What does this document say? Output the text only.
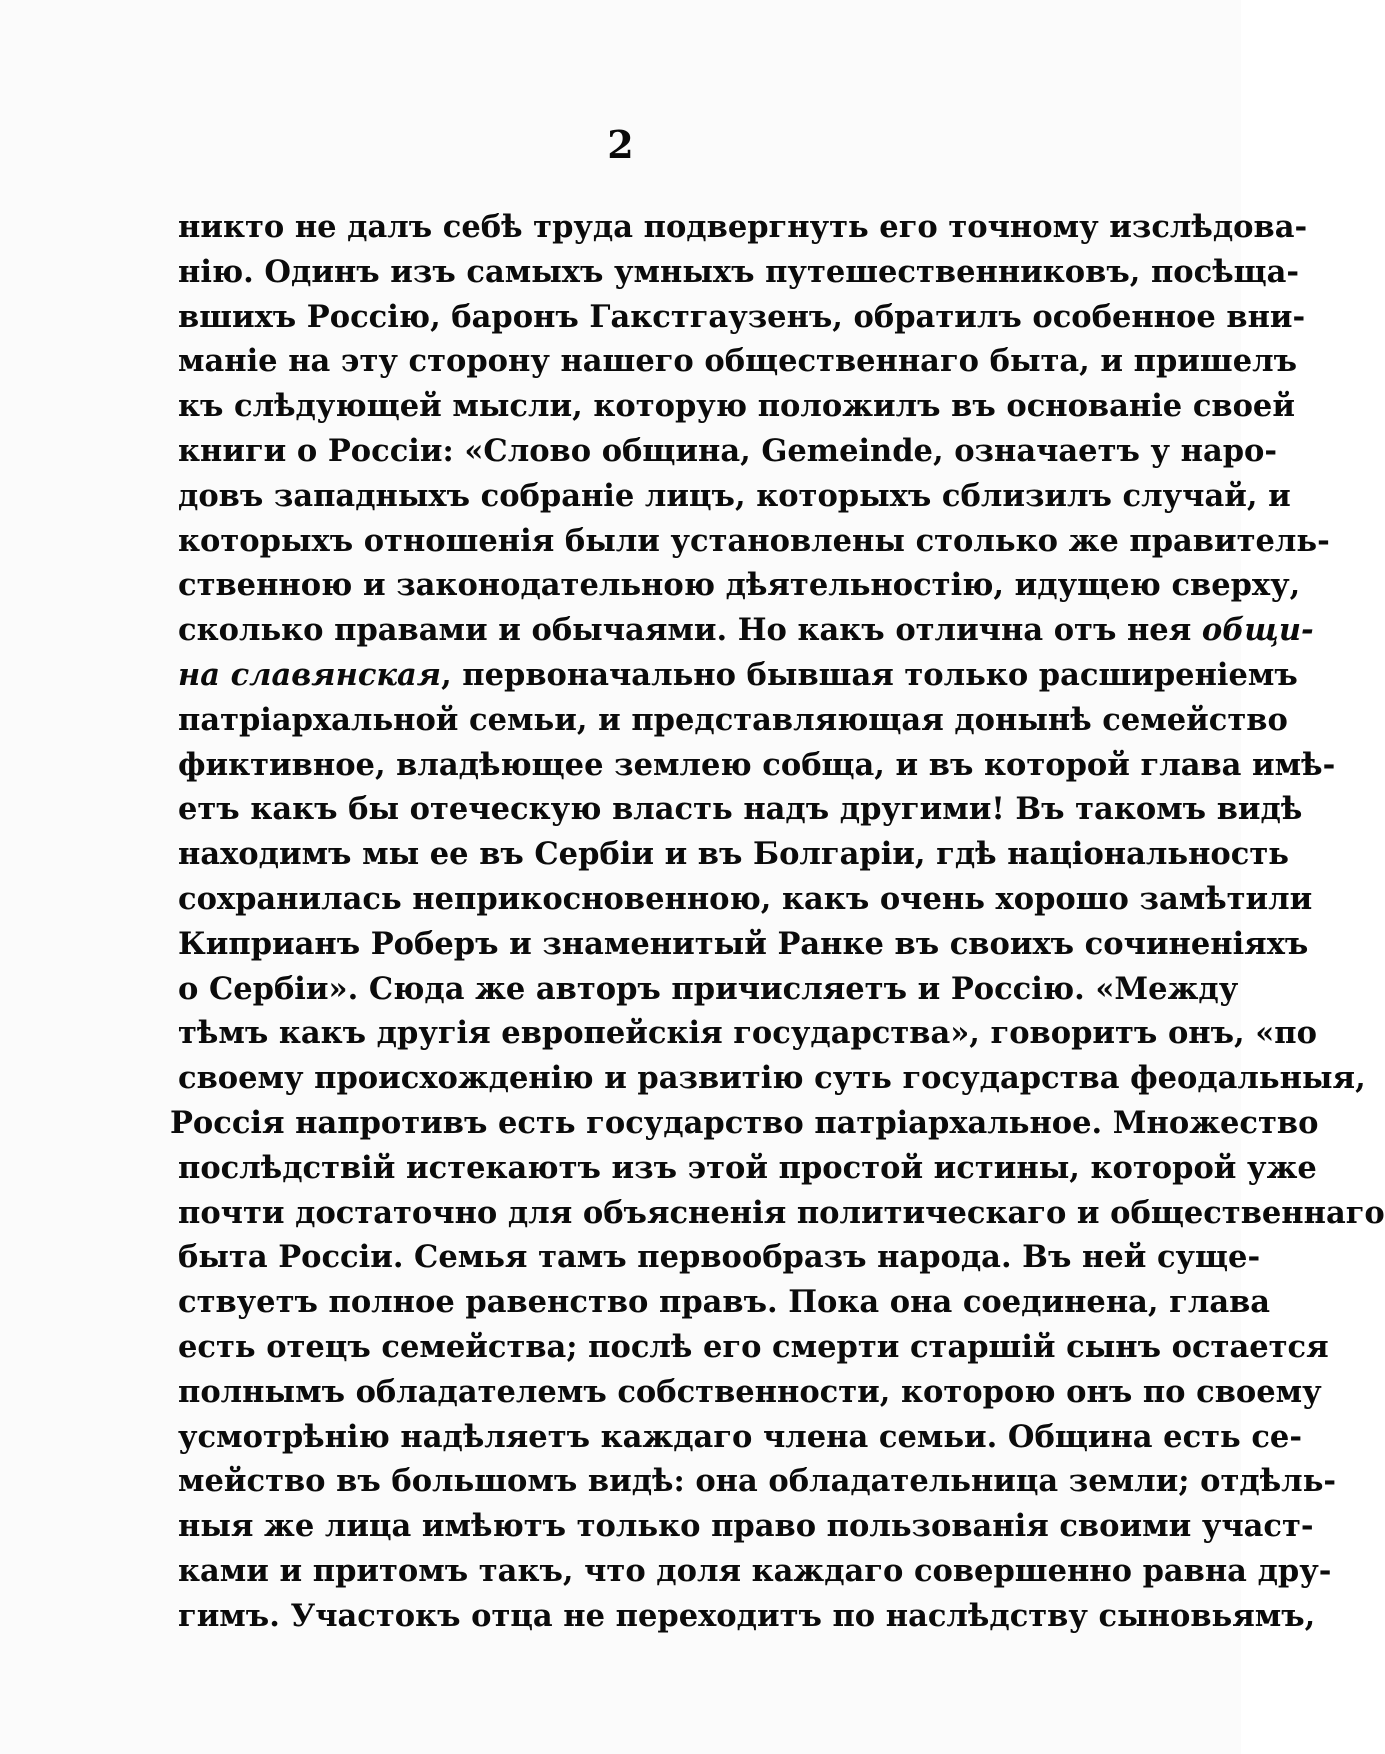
2
никто не далъ себѣ труда подвергнуть его точному изслѣдова-
нію. Одинъ изъ самыхъ умныхъ путешественниковъ, посѣща-
вшихъ Россію, баронъ Гакстгаузенъ, обратилъ особенное вни-
маніе на эту сторону нашего общественнаго быта, и пришелъ
къ слѣдующей мысли, которую положилъ въ основаніе своей
книги о Россіи: «Слово община, Gemeinde, означаетъ у наро-
довъ западныхъ собраніе лицъ, которыхъ сблизилъ случай, и
которыхъ отношенія были установлены столько же правитель-
ственною и законодательною дѣятельностію, идущею сверху,
сколько правами и обычаями. Но какъ отлична отъ нея общи-
на славянская, первоначально бывшая только расширеніемъ
патріархальной семьи, и представляющая донынѣ семейство
фиктивное, владѣющее землею собща, и въ которой глава имѣ-
етъ какъ бы отеческую власть надъ другими! Въ такомъ видѣ
находимъ мы ее въ Сербіи и въ Болгаріи, гдѣ національность
сохранилась неприкосновенною, какъ очень хорошо замѣтили
Киприанъ Роберъ и знаменитый Ранке въ своихъ сочиненіяхъ
о Сербіи». Сюда же авторъ причисляетъ и Россію. «Между
тѣмъ какъ другія европейскія государства», говоритъ онъ, «по
своему происхожденію и развитію суть государства феодальныя,
Россія напротивъ есть государство патріархальное. Множество
послѣдствій истекаютъ изъ этой простой истины, которой уже
почти достаточно для объясненія политическаго и общественнаго
быта Россіи. Семья тамъ первообразъ народа. Въ ней суще-
ствуетъ полное равенство правъ. Пока она соединена, глава
есть отецъ семейства; послѣ его смерти старшій сынъ остается
полнымъ обладателемъ собственности, которою онъ по своему
усмотрѣнію надѣляетъ каждаго члена семьи. Община есть се-
мейство въ большомъ видѣ: она обладательница земли; отдѣль-
ныя же лица имѣютъ только право пользованія своими участ-
ками и притомъ такъ, что доля каждаго совершенно равна дру-
гимъ. Участокъ отца не переходитъ по наслѣдству сыновьямъ,
